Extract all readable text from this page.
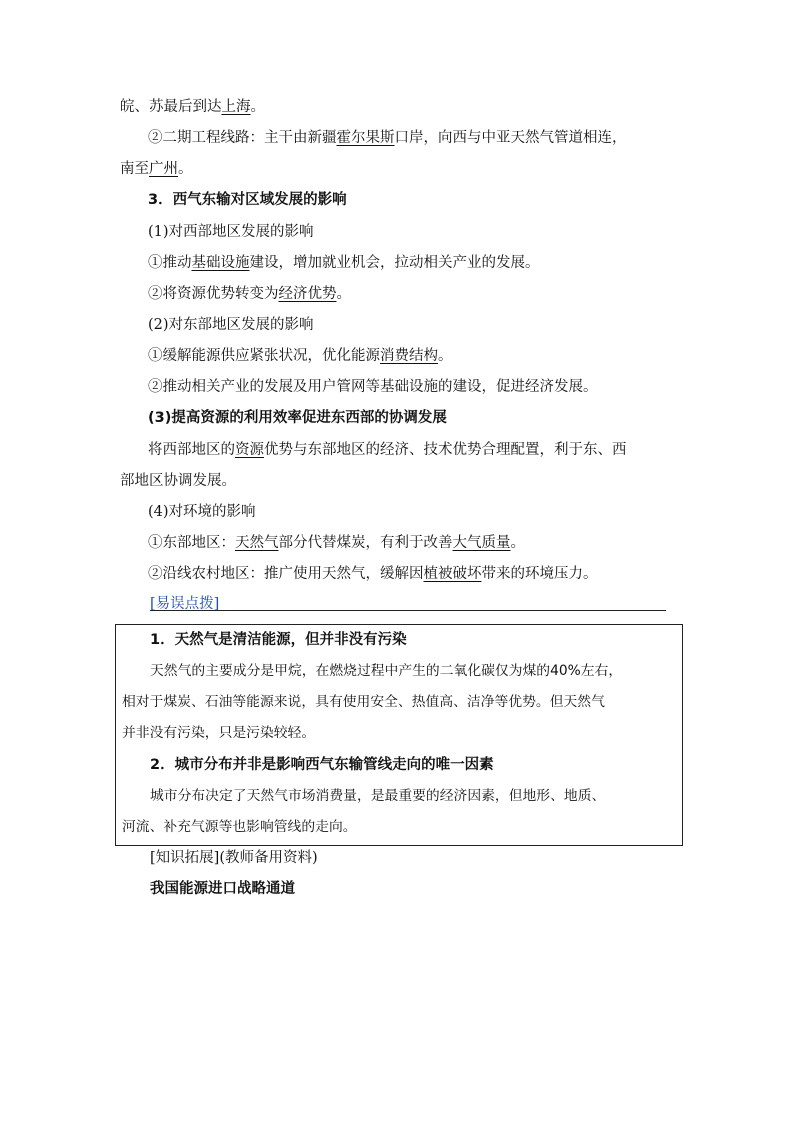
皖、苏最后到达上海。
②二期工程线路：主干由新疆霍尔果斯口岸，向西与中亚天然气管道相连，
南至广州。
3．西气东输对区域发展的影响
(1)对西部地区发展的影响
①推动基础设施建设，增加就业机会，拉动相关产业的发展。
②将资源优势转变为经济优势。
(2)对东部地区发展的影响
①缓解能源供应紧张状况，优化能源消费结构。
②推动相关产业的发展及用户管网等基础设施的建设，促进经济发展。
(3)提高资源的利用效率促进东西部的协调发展
将西部地区的资源优势与东部地区的经济、技术优势合理配置，利于东、西
部地区协调发展。
(4)对环境的影响
①东部地区：天然气部分代替煤炭，有利于改善大气质量。
②沿线农村地区：推广使用天然气，缓解因植被破坏带来的环境压力。
[易误点拨]
1．天然气是清洁能源，但并非没有污染
天然气的主要成分是甲烷，在燃烧过程中产生的二氧化碳仅为煤的40%左右，
相对于煤炭、石油等能源来说，具有使用安全、热值高、洁净等优势。但天然气
并非没有污染，只是污染较轻。
2．城市分布并非是影响西气东输管线走向的唯一因素
城市分布决定了天然气市场消费量，是最重要的经济因素，但地形、地质、
河流、补充气源等也影响管线的走向。
[知识拓展](教师备用资料)
我国能源进口战略通道
